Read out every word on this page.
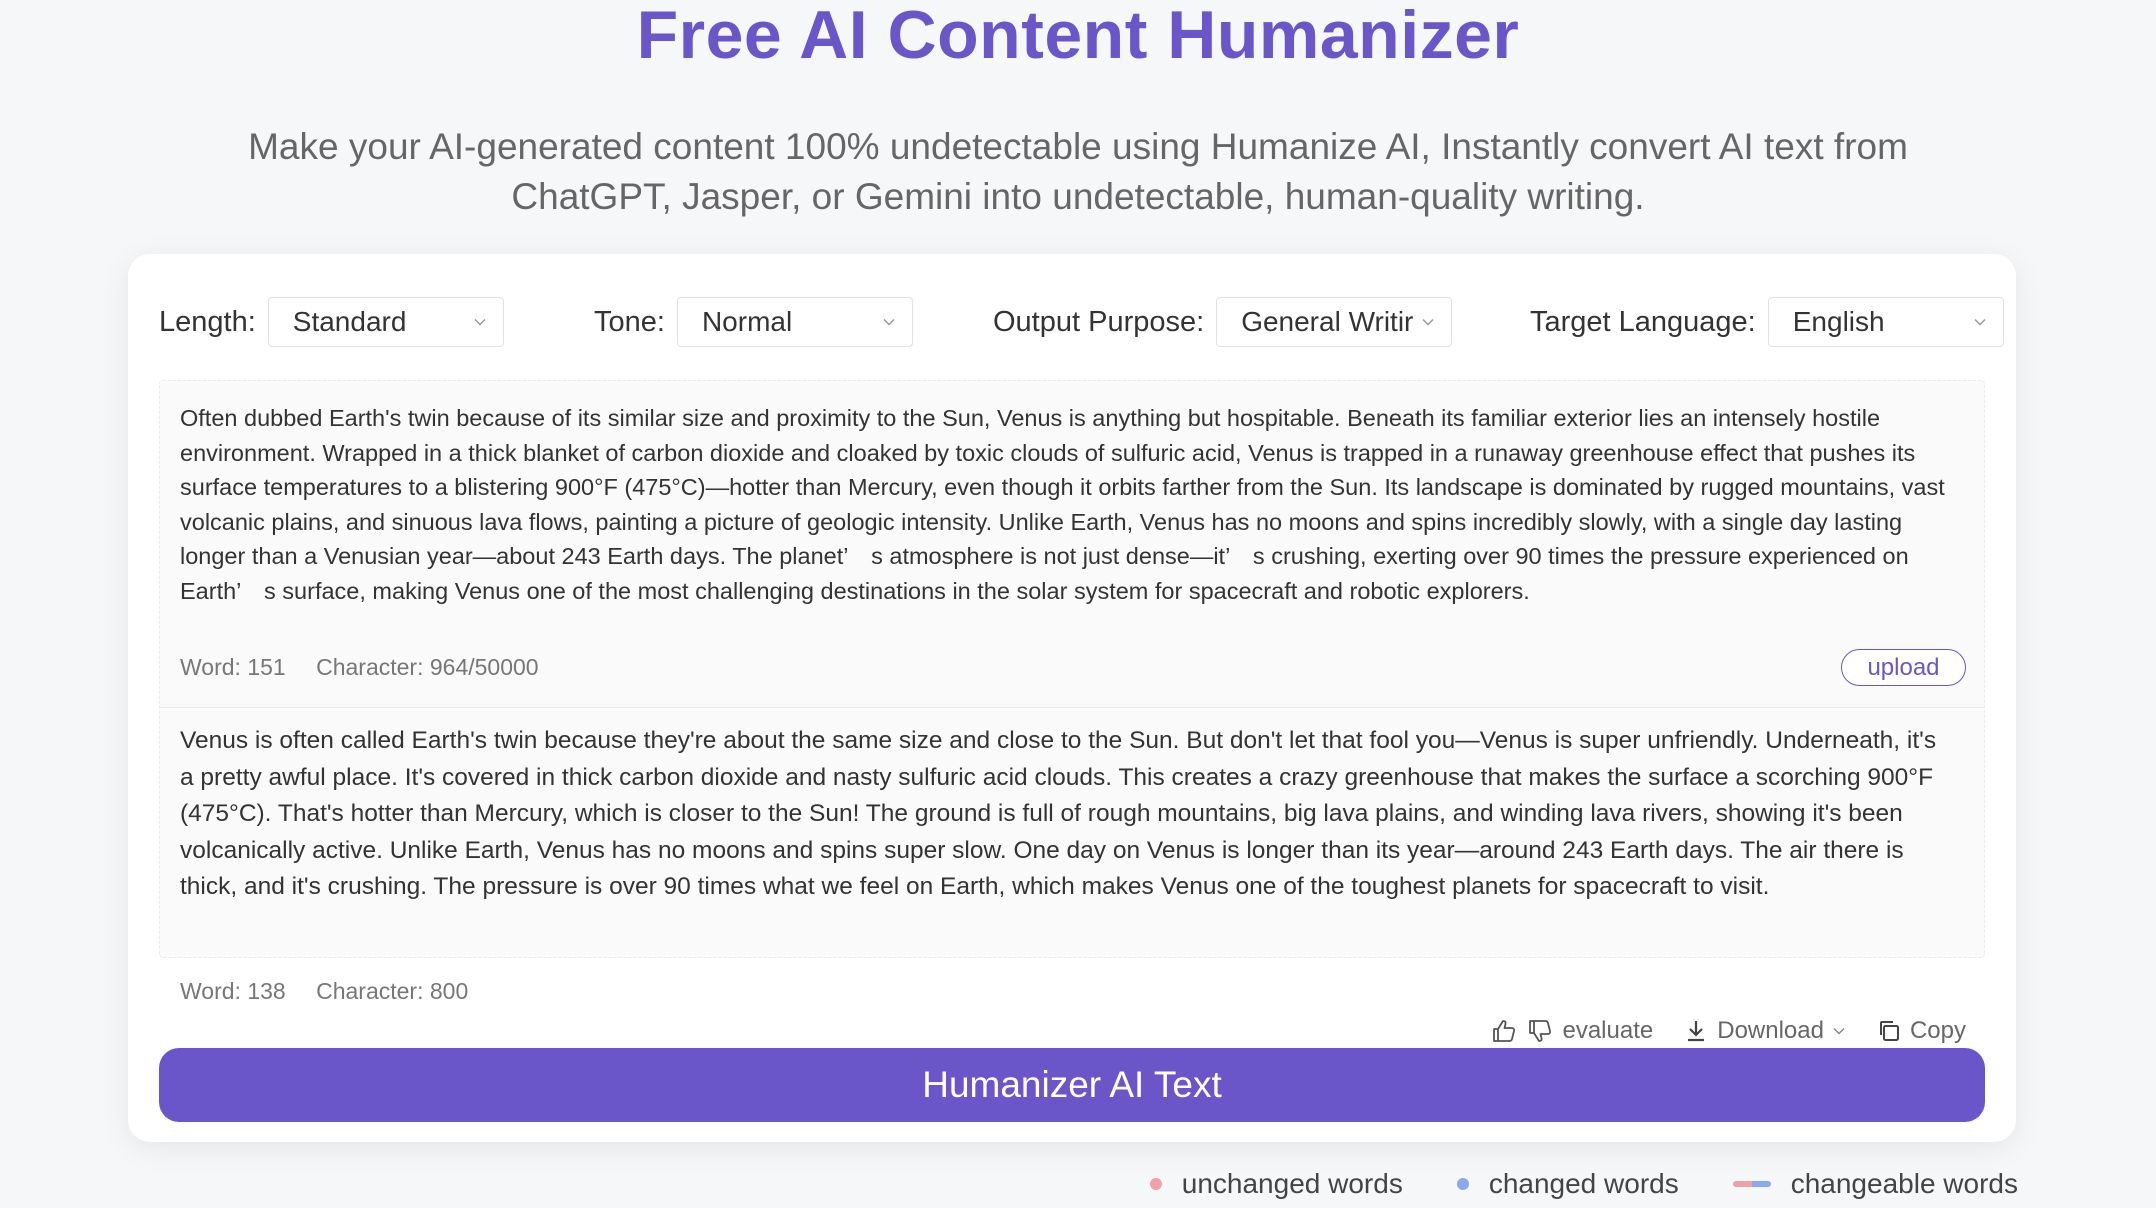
Free AI Content Humanizer

Make your AI-generated content 100% undetectable using Humanize AI, Instantly convert AI text from ChatGPT, Jasper, or Gemini into undetectable, human-quality writing.

Length: Standard	Tone: Normal	Output Purpose: General Writir	Target Language: English
Often dubbed Earth's twin because of its similar size and proximity to the Sun, Venus is anything but hospitable. Beneath its familiar exterior lies an intensely hostile environment. Wrapped in a thick blanket of carbon dioxide and cloaked by toxic clouds of sulfuric acid, Venus is trapped in a runaway greenhouse effect that pushes its surface temperatures to a blistering 900°F (475°C)—hotter than Mercury, even though it orbits farther from the Sun. Its landscape is dominated by rugged mountains, vast volcanic plains, and sinuous lava flows, painting a picture of geologic intensity. Unlike Earth, Venus has no moons and spins incredibly slowly, with a single day lasting longer than a Venusian year—about 243 Earth days. The planet’　s atmosphere is not just dense—it’　s crushing, exerting over 90 times the pressure experienced on Earth’　s surface, making Venus one of the most challenging destinations in the solar system for spacecraft and robotic explorers.
Word: 151 Character: 964/50000	upload
Venus is often called Earth's twin because they're about the same size and close to the Sun. But don't let that fool you—Venus is super unfriendly. Underneath, it's a pretty awful place. It's covered in thick carbon dioxide and nasty sulfuric acid clouds. This creates a crazy greenhouse that makes the surface a scorching 900°F (475°C). That's hotter than Mercury, which is closer to the Sun! The ground is full of rough mountains, big lava plains, and winding lava rivers, showing it's been volcanically active. Unlike Earth, Venus has no moons and spins super slow. One day on Venus is longer than its year—around 243 Earth days. The air there is thick, and it's crushing. The pressure is over 90 times what we feel on Earth, which makes Venus one of the toughest planets for spacecraft to visit.
Word: 138 Character: 800
evaluate	Download	Copy
Humanizer AI Text
unchanged words	changed words	changeable words
